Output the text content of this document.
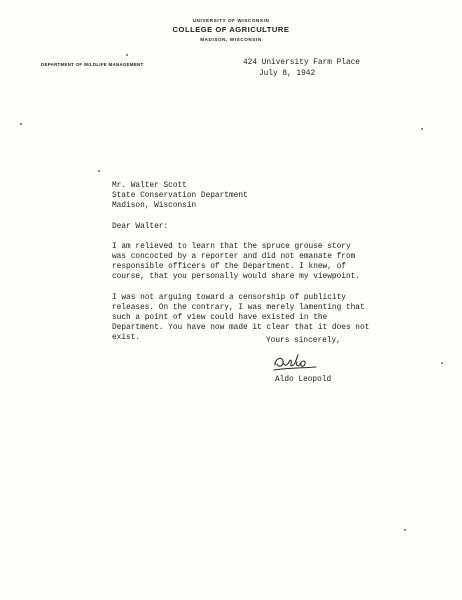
UNIVERSITY OF WISCONSIN
COLLEGE OF AGRICULTURE
MADISON, WISCONSIN
DEPARTMENT OF WILDLIFE MANAGEMENT	424 University Farm Place
July 8, 1942
Mr. Walter Scott
State Conservation Department
Madison, Wisconsin
Dear Walter:
I am relieved to learn that the spruce grouse story
was concocted by a reporter and did not emanate from
responsible officers of the Department. I knew, of
course, that you personally would share my viewpoint.
I was not arguing toward a censorship of publicity
releases. On the contrary, I was merely lamenting that
such a point of view could have existed in the
Department. You have now made it clear that it does not
exist.	Yours sincerely,
Aldo Leopold
